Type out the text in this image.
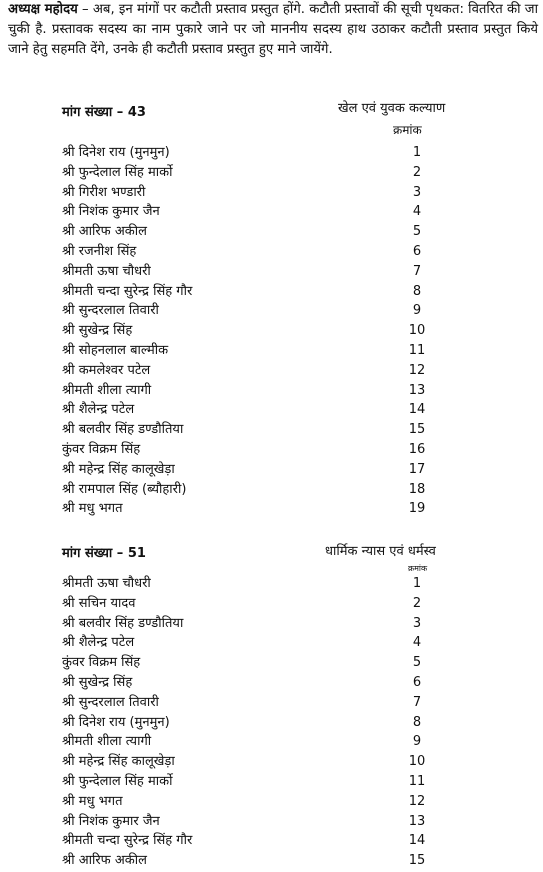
अध्यक्ष महोदय – अब, इन मांगों पर कटौती प्रस्ताव प्रस्तुत होंगे. कटौती प्रस्तावों की सूची पृथकत: वितरित की जा चुकी है. प्रस्तावक सदस्य का नाम पुकारे जाने पर जो माननीय सदस्य हाथ उठाकर कटौती प्रस्ताव प्रस्तुत किये जाने हेतु सहमति देंगे, उनके ही कटौती प्रस्ताव प्रस्तुत हुए माने जायेंगे.
मांग संख्या – 43	खेल एवं युवक कल्याण
क्रमांक
श्री दिनेश राय (मुनमुन)	1
श्री फुन्देलाल सिंह मार्को	2
श्री गिरीश भण्डारी	3
श्री निशंक कुमार जैन	4
श्री आरिफ अकील	5
श्री रजनीश सिंह	6
श्रीमती ऊषा चौधरी	7
श्रीमती चन्दा सुरेन्द्र सिंह गौर	8
श्री सुन्दरलाल तिवारी	9
श्री सुखेन्द्र सिंह	10
श्री सोहनलाल बाल्मीक	11
श्री कमलेश्वर पटेल	12
श्रीमती शीला त्यागी	13
श्री शैलेन्द्र पटेल	14
श्री बलवीर सिंह डण्डौतिया	15
कुंवर विक्रम सिंह	16
श्री महेन्द्र सिंह कालूखेड़ा	17
श्री रामपाल सिंह (ब्यौहारी)	18
श्री मधु भगत	19
मांग संख्या – 51	धार्मिक न्यास एवं धर्मस्व
क्रमांक
श्रीमती ऊषा चौधरी	1
श्री सचिन यादव	2
श्री बलवीर सिंह डण्डौतिया	3
श्री शैलेन्द्र पटेल	4
कुंवर विक्रम सिंह	5
श्री सुखेन्द्र सिंह	6
श्री सुन्दरलाल तिवारी	7
श्री दिनेश राय (मुनमुन)	8
श्रीमती शीला त्यागी	9
श्री महेन्द्र सिंह कालूखेड़ा	10
श्री फुन्देलाल सिंह मार्को	11
श्री मधु भगत	12
श्री निशंक कुमार जैन	13
श्रीमती चन्दा सुरेन्द्र सिंह गौर	14
श्री आरिफ अकील	15
